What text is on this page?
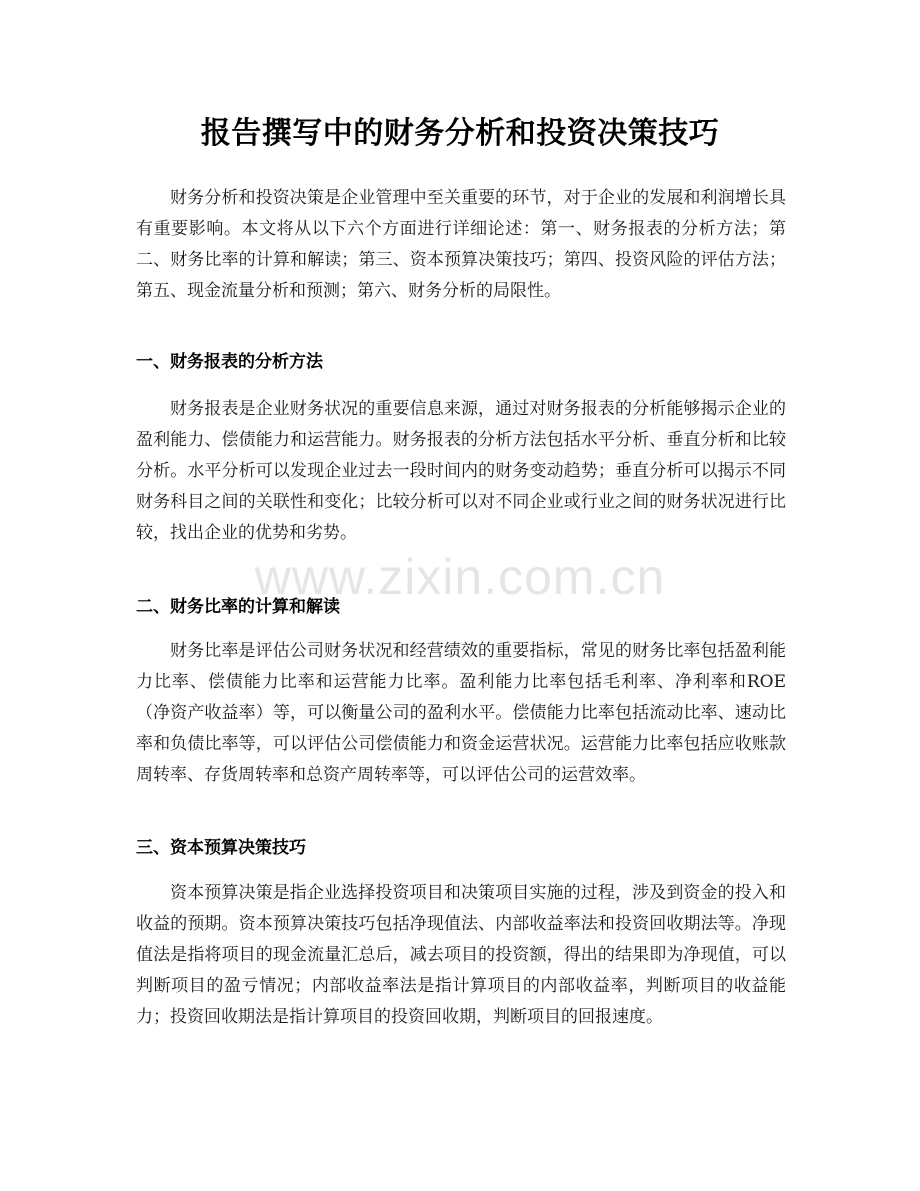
报告撰写中的财务分析和投资决策技巧

财务分析和投资决策是企业管理中至关重要的环节，对于企业的发展和利润增长具有重要影响。本文将从以下六个方面进行详细论述：第一、财务报表的分析方法；第二、财务比率的计算和解读；第三、资本预算决策技巧；第四、投资风险的评估方法；第五、现金流量分析和预测；第六、财务分析的局限性。

一、财务报表的分析方法

财务报表是企业财务状况的重要信息来源，通过对财务报表的分析能够揭示企业的盈利能力、偿债能力和运营能力。财务报表的分析方法包括水平分析、垂直分析和比较分析。水平分析可以发现企业过去一段时间内的财务变动趋势；垂直分析可以揭示不同财务科目之间的关联性和变化；比较分析可以对不同企业或行业之间的财务状况进行比较，找出企业的优势和劣势。

二、财务比率的计算和解读

财务比率是评估公司财务状况和经营绩效的重要指标，常见的财务比率包括盈利能力比率、偿债能力比率和运营能力比率。盈利能力比率包括毛利率、净利率和ROE（净资产收益率）等，可以衡量公司的盈利水平。偿债能力比率包括流动比率、速动比率和负债比率等，可以评估公司偿债能力和资金运营状况。运营能力比率包括应收账款周转率、存货周转率和总资产周转率等，可以评估公司的运营效率。

三、资本预算决策技巧

资本预算决策是指企业选择投资项目和决策项目实施的过程，涉及到资金的投入和收益的预期。资本预算决策技巧包括净现值法、内部收益率法和投资回收期法等。净现值法是指将项目的现金流量汇总后，减去项目的投资额，得出的结果即为净现值，可以判断项目的盈亏情况；内部收益率法是指计算项目的内部收益率，判断项目的收益能力；投资回收期法是指计算项目的投资回收期，判断项目的回报速度。

www.zixin.com.cn
